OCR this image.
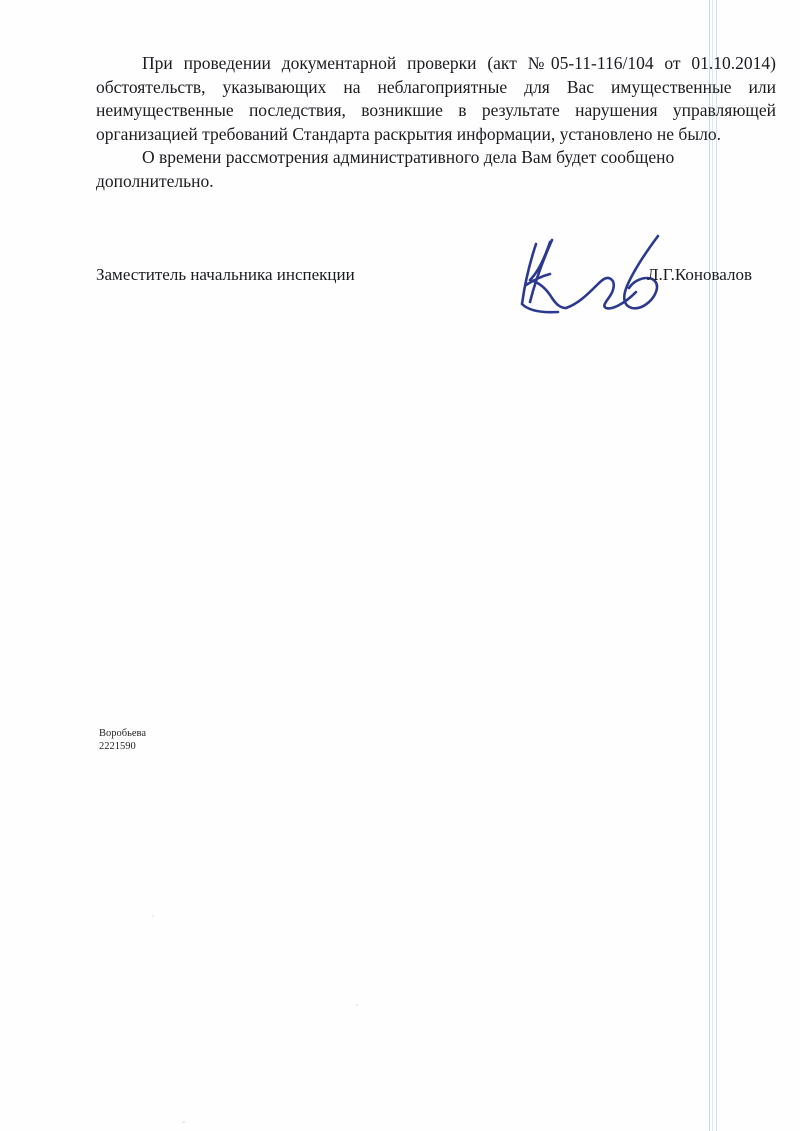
При проведении документарной проверки (акт №05-11-116/104 от 01.10.2014) обстоятельств, указывающих на неблагоприятные для Вас имущественные или неимущественные последствия, возникшие в результате нарушения управляющей организацией требований Стандарта раскрытия информации, установлено не было.

О времени рассмотрения административного дела Вам будет сообщено дополнительно.

Заместитель начальника инспекции	Л.Г.Коновалов
Воробьева
2221590
